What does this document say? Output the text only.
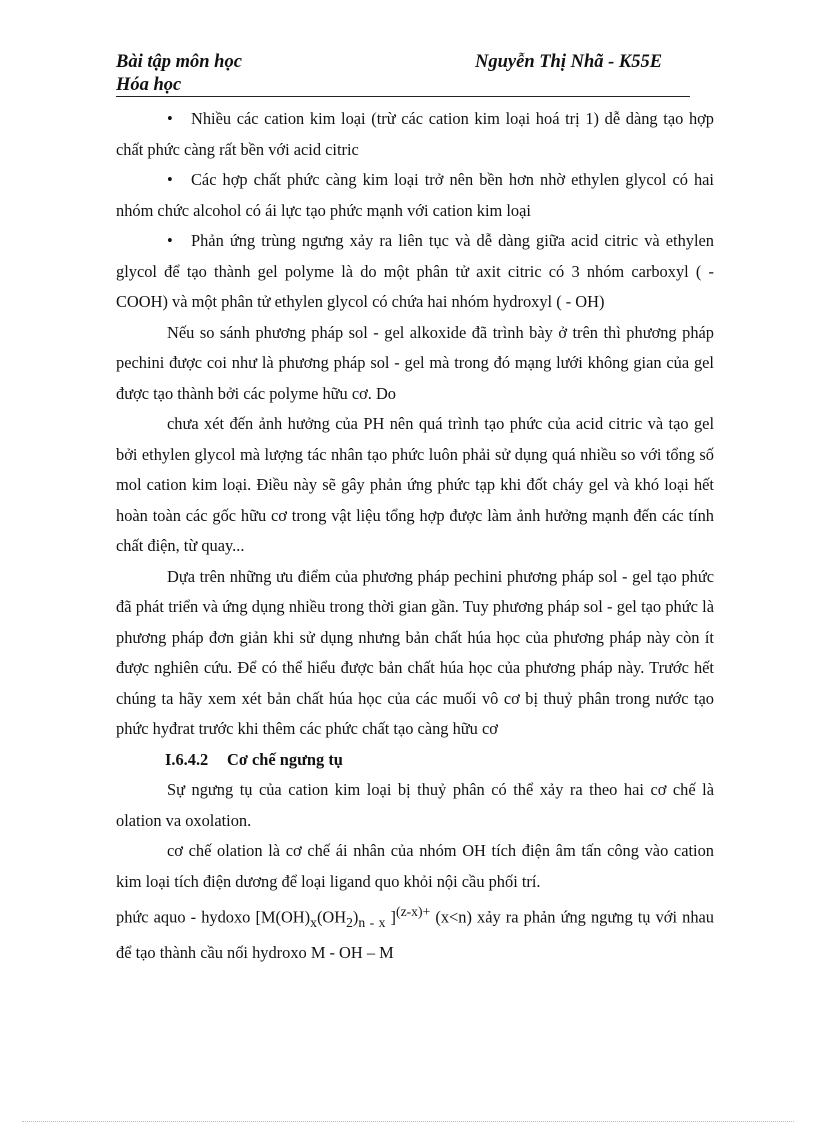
Bài tập môn học
Hóa học
Nguyễn Thị Nhã - K55E

• Nhiều các cation kim loại (trừ các cation kim loại hoá trị 1) dễ dàng tạo hợp chất phức càng rất bền với acid citric

• Các hợp chất phức càng kim loại trở nên bền hơn nhờ ethylen glycol có hai nhóm chức alcohol có ái lực tạo phức mạnh với cation kim loại

• Phản ứng trùng ngưng xảy ra liên tục và dễ dàng giữa acid citric và ethylen glycol để tạo thành gel polyme là do một phân tử axit citric có 3 nhóm carboxyl ( - COOH) và một phân tử ethylen glycol có chứa hai nhóm hydroxyl ( - OH)

Nếu so sánh phương pháp sol - gel alkoxide đã trình bày ở trên thì phương pháp pechini được coi như là phương pháp sol - gel mà trong đó mạng lưới không gian của gel được tạo thành bởi các polyme hữu cơ. Do

chưa xét đến ảnh hưởng của PH nên quá trình tạo phức của acid citric và tạo gel bởi ethylen glycol mà lượng tác nhân tạo phức luôn phải sử dụng quá nhiều so với tổng số mol cation kim loại. Điều này sẽ gây phản ứng phức tạp khi đốt cháy gel và khó loại hết hoàn toàn các gốc hữu cơ trong vật liệu tổng hợp được làm ảnh hưởng mạnh đến các tính chất điện, từ quay...

Dựa trên những ưu điểm của phương pháp pechini phương pháp sol - gel tạo phức đã phát triển và ứng dụng nhiều trong thời gian gần. Tuy phương pháp sol - gel tạo phức là phương pháp đơn giản khi sử dụng nhưng bản chất húa học của phương pháp này còn ít được nghiên cứu. Để có thể hiểu được bản chất húa học của phương pháp này. Trước hết chúng ta hãy xem xét bản chất húa học của các muối vô cơ bị thuỷ phân trong nước tạo phức hyđrat trước khi thêm các phức chất tạo càng hữu cơ

I.6.4.2 Cơ chế ngưng tụ

Sự ngưng tụ của cation kim loại bị thuỷ phân có thể xảy ra theo hai cơ chế là olation va oxolation.

cơ chế olation là cơ chế ái nhân của nhóm OH tích điện âm tấn công vào cation kim loại tích điện dương để loại ligand quo khỏi nội cầu phối trí.

phức aquo - hydoxo [$M(OH)_x(OH_2)_{n - x}$ ]$^{(z-x)+}$ (x<n) xảy ra phản ứng ngưng tụ với nhau để tạo thành cầu nối hydroxo M - OH – M
